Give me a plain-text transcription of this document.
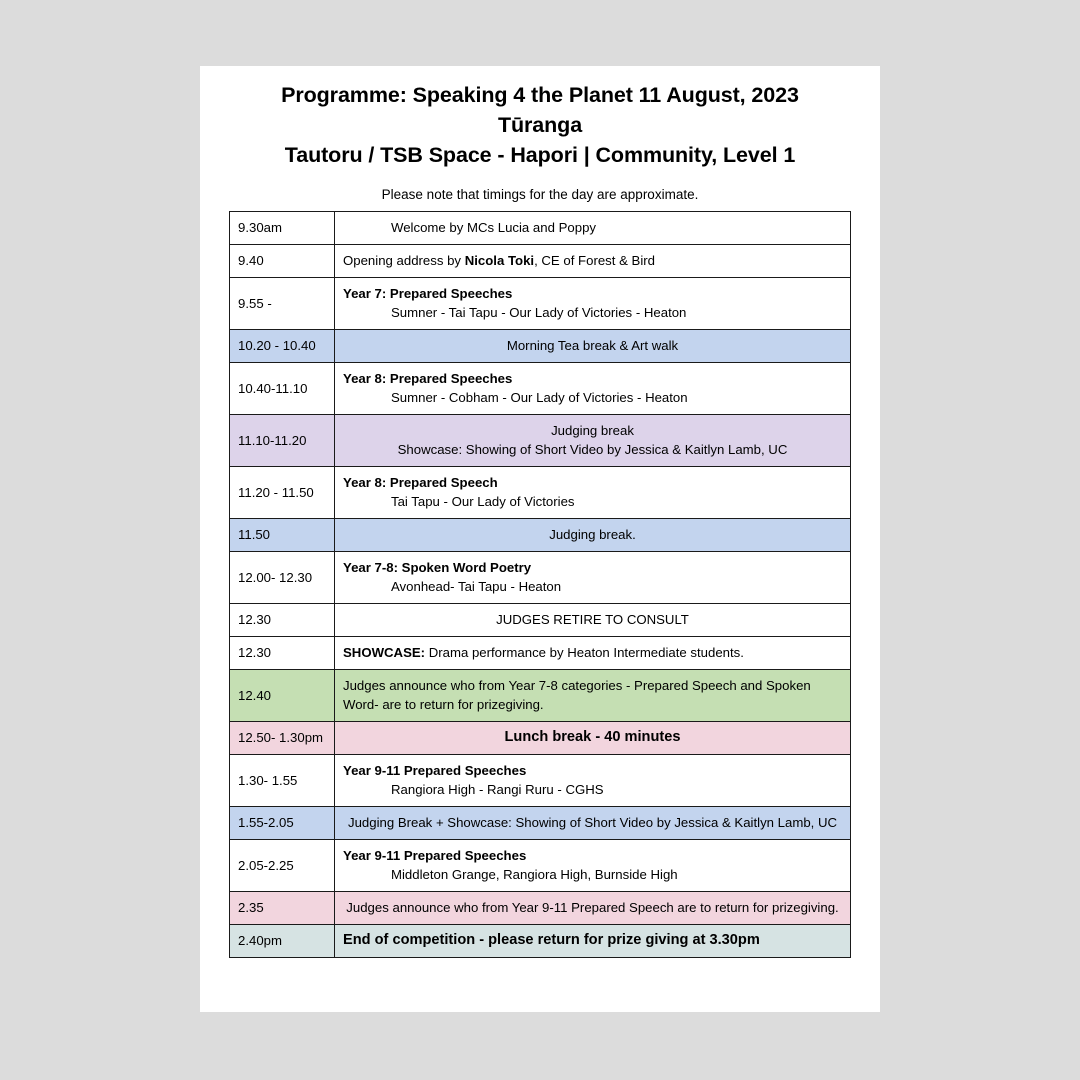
Programme: Speaking 4 the Planet 11 August, 2023
Tūranga
Tautoru / TSB Space - Hapori | Community, Level 1
Please note that timings for the day are approximate.
9.30am	Welcome by MCs Lucia and Poppy

9.40	Opening address by Nicola Toki, CE of Forest & Bird

9.55 -	Year 7: Prepared Speeches
Sumner - Tai Tapu - Our Lady of Victories - Heaton

10.20 - 10.40	Morning Tea break & Art walk

10.40-11.10	Year 8: Prepared Speeches
Sumner - Cobham - Our Lady of Victories - Heaton

11.10-11.20	Judging break
Showcase: Showing of Short Video by Jessica & Kaitlyn Lamb, UC

11.20 - 11.50	Year 8: Prepared Speech
Tai Tapu - Our Lady of Victories

11.50	Judging break.

12.00- 12.30	Year 7-8: Spoken Word Poetry
Avonhead- Tai Tapu - Heaton

12.30	JUDGES RETIRE TO CONSULT

12.30	SHOWCASE: Drama performance by Heaton Intermediate students.

12.40	Judges announce who from Year 7-8 categories - Prepared Speech and Spoken Word- are to return for prizegiving.

12.50- 1.30pm	Lunch break - 40 minutes

1.30- 1.55	Year 9-11 Prepared Speeches
Rangiora High - Rangi Ruru - CGHS

1.55-2.05	Judging Break + Showcase: Showing of Short Video by Jessica & Kaitlyn Lamb, UC

2.05-2.25	Year 9-11 Prepared Speeches
Middleton Grange, Rangiora High, Burnside High

2.35	Judges announce who from Year 9-11 Prepared Speech are to return for prizegiving.

2.40pm	End of competition - please return for prize giving at 3.30pm
